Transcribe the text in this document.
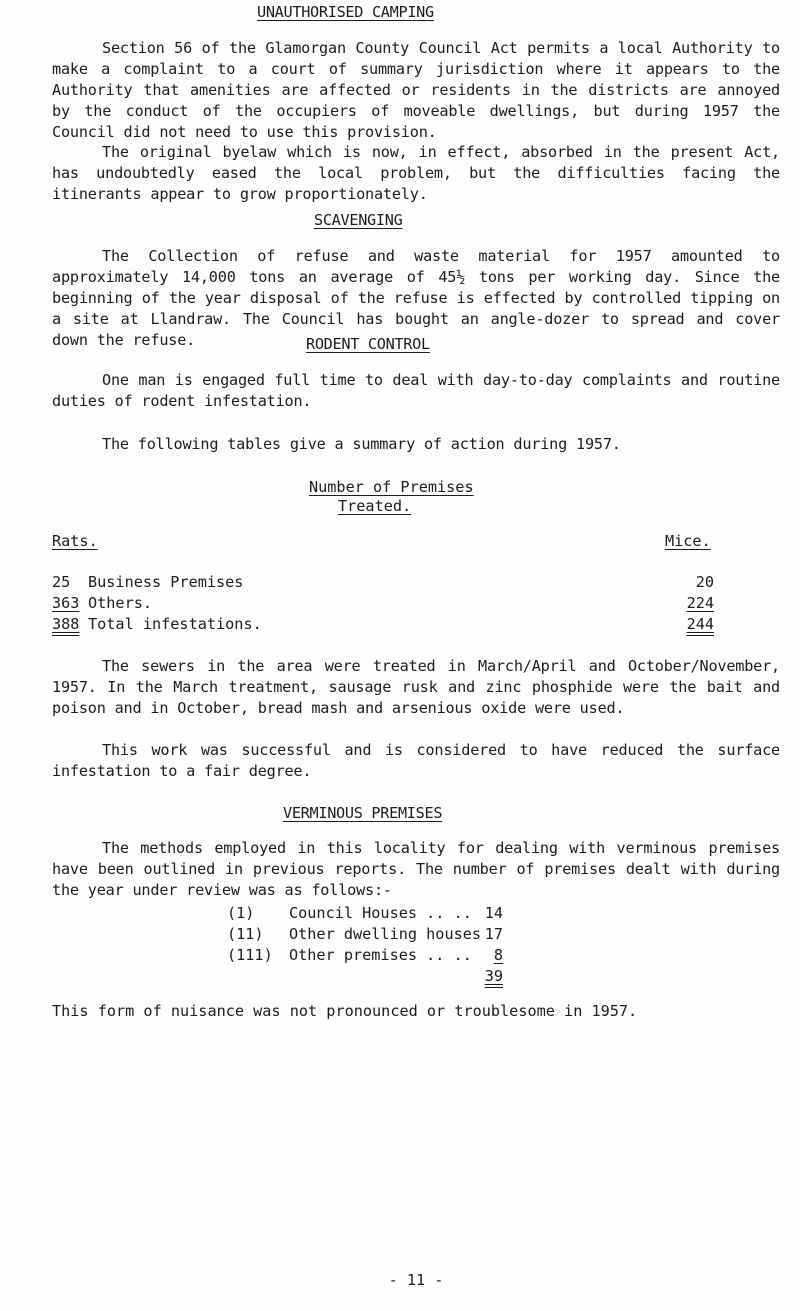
UNAUTHORISED CAMPING

Section 56 of the Glamorgan County Council Act permits a local Authority to make a complaint to a court of summary jurisdiction where it appears to the Authority that amenities are affected or residents in the districts are annoyed by the conduct of the occupiers of moveable dwellings, but during 1957 the Council did not need to use this provision.

The original byelaw which is now, in effect, absorbed in the present Act, has undoubtedly eased the local problem, but the difficulties facing the itinerants appear to grow proportionately.

SCAVENGING

The Collection of refuse and waste material for 1957 amounted to approximately 14,000 tons an average of 45½ tons per working day. Since the beginning of the year disposal of the refuse is effected by controlled tipping on a site at Llandraw. The Council has bought an angle-dozer to spread and cover down the refuse.	RODENT CONTROL

One man is engaged full time to deal with day-to-day complaints and routine duties of rodent infestation.

The following tables give a summary of action during 1957.

Number of Premises
Treated.
Rats.	Mice.
25 Business Premises	20
363 Others.	224
388 Total infestations.	244

The sewers in the area were treated in March/April and October/November, 1957. In the March treatment, sausage rusk and zinc phosphide were the bait and poison and in October, bread mash and arsenious oxide were used.

This work was successful and is considered to have reduced the surface infestation to a fair degree.

VERMINOUS PREMISES

The methods employed in this locality for dealing with verminous premises have been outlined in previous reports. The number of premises dealt with during the year under review was as follows:-

(1) Council Houses .. .. 14
(11) Other dwelling houses 17
(111) Other premises .. ..	8
39
This form of nuisance was not pronounced or troublesome in 1957.
- 11 -
